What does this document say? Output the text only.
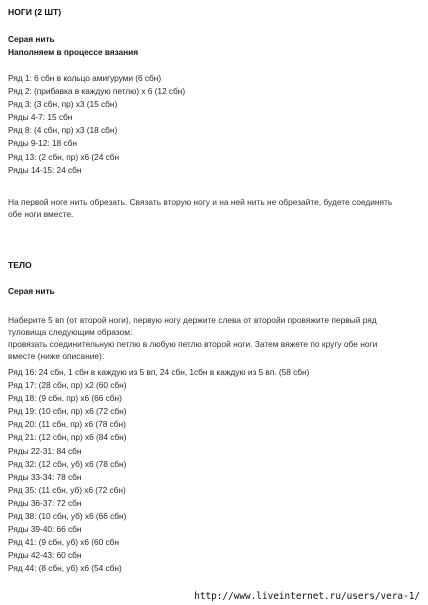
НОГИ (2 ШТ)
Серая нить
Наполняем в процессе вязания
Ряд 1: 6 сбн в кольцо амигуруми (6 сбн)
Ряд 2: (прибавка в каждую петлю) х 6 (12 сбн)
Ряд 3: (3 сбн, пр) х3 (15 сбн)
Ряды 4-7: 15 сбн
Ряд 8: (4 сбн, пр) х3 (18 сбн)
Ряды 9-12: 18 сбн
Ряд 13: (2 сбн, пр) х6 (24 сбн
Ряды 14-15: 24 сбн
На первой ноге нить обрезать. Связать вторую ногу и на ней нить не обрезайте, будете соединять обе ноги вместе.
ТЕЛО
Серая нить
Наберите 5 вп (от второй ноги), первую ногу держите слева от второйи провяжите первый ряд туловища следующим образом:
провязать соединительную петлю в любую петлю второй ноги. Затем вяжете по кругу обе ноги вместе (ниже описание):
Ряд 16: 24 сбн, 1 сбн в каждую из 5 вп, 24 сбн, 1сбн в каждую из 5 вп. (58 сбн)
Ряд 17: (28 сбн, пр) х2 (60 сбн)
Ряд 18: (9 сбн, пр) х6 (66 сбн)
Ряд 19: (10 сбн, пр) х6 (72 сбн)
Ряд 20: (11 сбн, пр) х6 (78 сбн)
Ряд 21: (12 сбн, пр) х6 (84 сбн)
Ряды 22-31: 84 сбн
Ряд 32: (12 сбн, уб) х6 (78 сбн)
Ряды 33-34: 78 сбн
Ряд 35: (11 сбн, уб) х6 (72 сбн)
Ряды 36-37: 72 сбн
Ряд 38: (10 сбн, уб) х6 (66 сбн)
Ряды 39-40: 66 сбн
Ряд 41: (9 сбн, уб) х6 (60 сбн
Ряды 42-43: 60 сбн
Ряд 44: (8 сбн, уб) х6 (54 сбн)
http://www.liveinternet.ru/users/vera-1/
